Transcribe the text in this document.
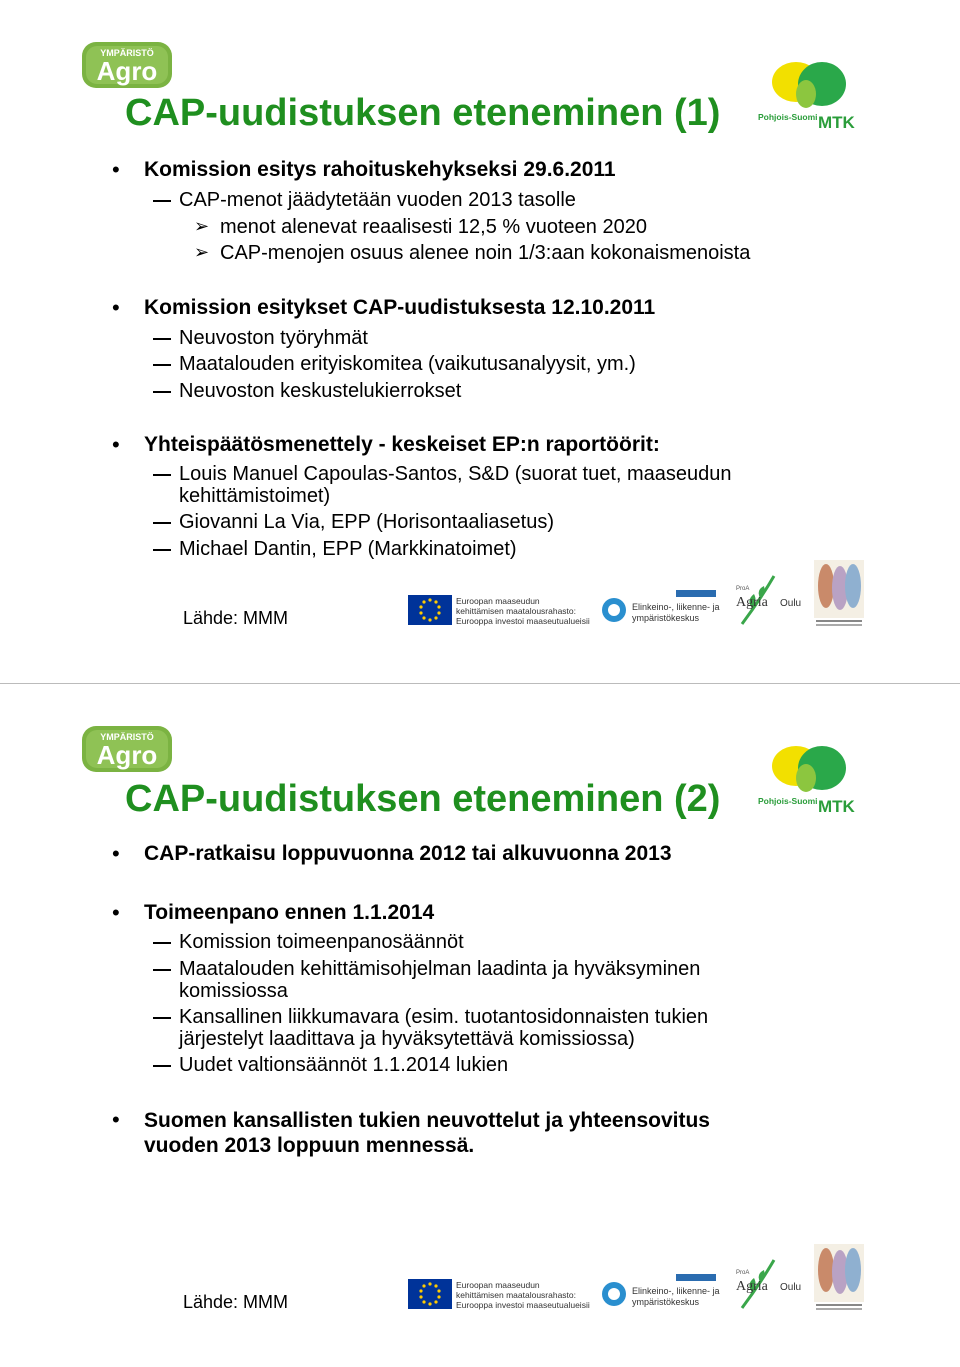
YMPÄRISTÖ
Agro
Pohjois-Suomi MTK
CAP-uudistuksen eteneminen (1)
• Komission esitys rahoituskehykseksi 29.6.2011
CAP-menot jäädytetään vuoden 2013 tasolle
➢ menot alenevat reaalisesti 12,5 % vuoteen 2020
➢ CAP-menojen osuus alenee noin 1/3:aan kokonaismenoista
• Komission esitykset CAP-uudistuksesta 12.10.2011
Neuvoston työryhmät
Maatalouden erityiskomitea (vaikutusanalyysit, ym.)
Neuvoston keskustelukierrokset
• Yhteispäätösmenettely - keskeiset EP:n raportöörit:
Louis Manuel Capoulas-Santos, S&D (suorat tuet, maaseudun
kehittämistoimet)
Giovanni La Via, EPP (Horisontaaliasetus)
Michael Dantin, EPP (Markkinatoimet)
Lähde: MMM
Euroopan maaseudun
kehittämisen maatalousrahasto:
Eurooppa investoi maaseutualueisiin
Elinkeino-, liikenne- ja
ympäristökeskus
ProA
Agria Oulu
YMPÄRISTÖ
Agro
Pohjois-Suomi MTK
CAP-uudistuksen eteneminen (2)
• CAP-ratkaisu loppuvuonna 2012 tai alkuvuonna 2013
• Toimeenpano ennen 1.1.2014
Komission toimeenpanosäännöt
Maatalouden kehittämisohjelman laadinta ja hyväksyminen
komissiossa
Kansallinen liikkumavara (esim. tuotantosidonnaisten tukien
järjestelyt laadittava ja hyväksytettävä komissiossa)
Uudet valtionsäännöt 1.1.2014 lukien
• Suomen kansallisten tukien neuvottelut ja yhteensovitus
vuoden 2013 loppuun mennessä.
Lähde: MMM
Euroopan maaseudun
kehittämisen maatalousrahasto:
Eurooppa investoi maaseutualueisiin
Elinkeino-, liikenne- ja
ympäristökeskus
ProA
Agria Oulu
